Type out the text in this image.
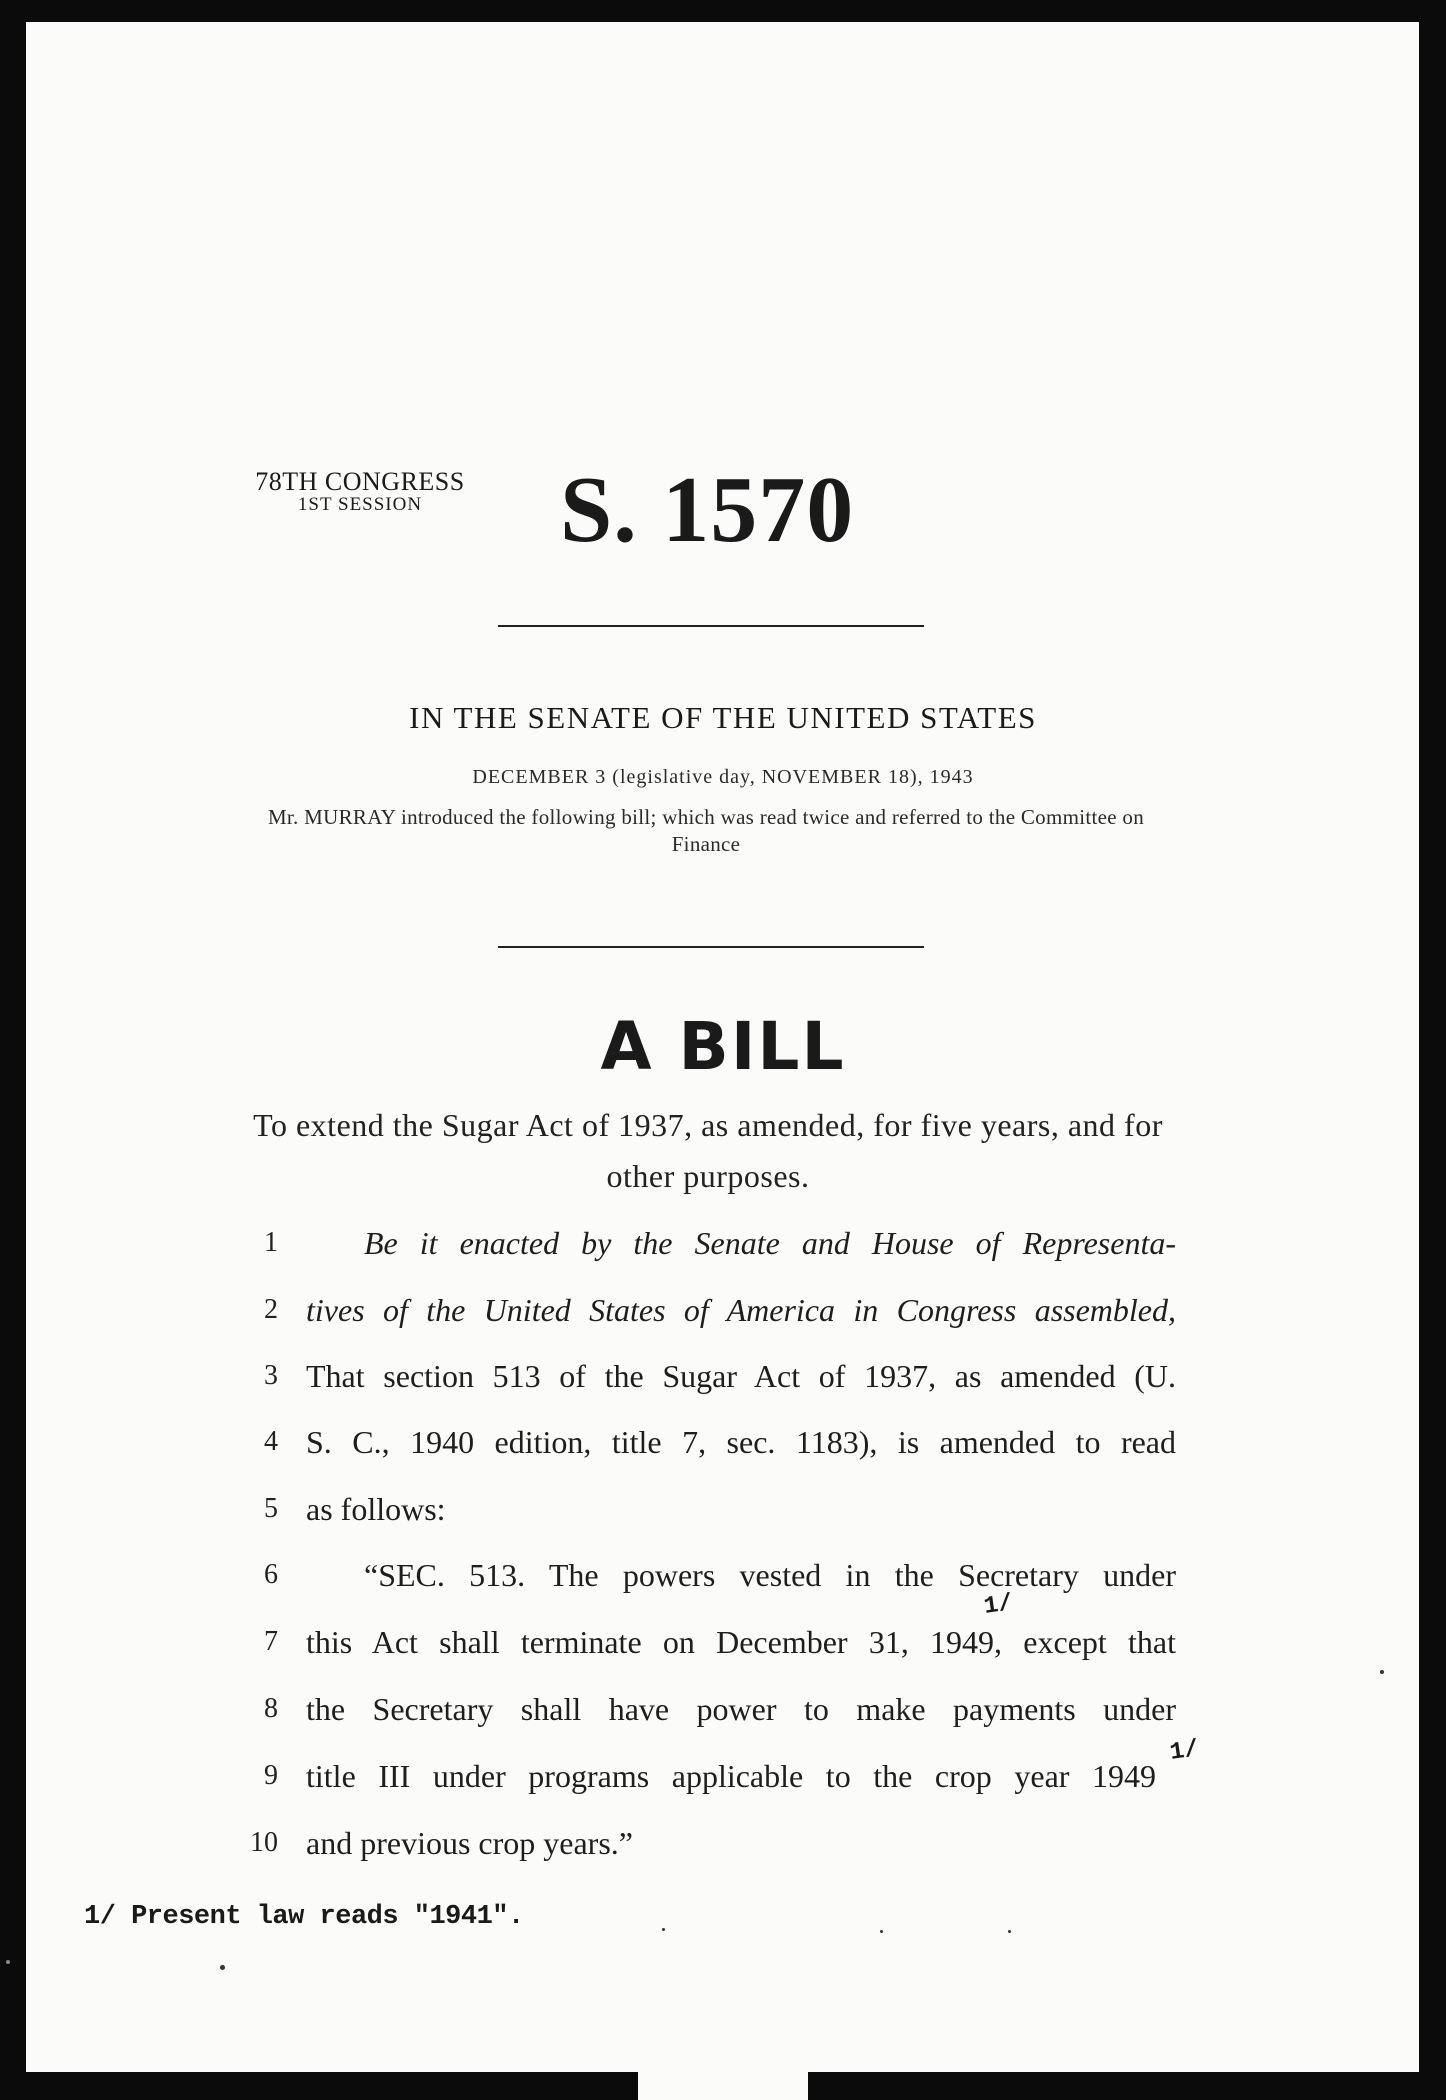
78TH CONGRESS
1ST SESSION	S. 1570
IN THE SENATE OF THE UNITED STATES
DECEMBER 3 (legislative day, NOVEMBER 18), 1943
Mr. MURRAY introduced the following bill; which was read twice and referred to the Committee on Finance
A BILL
To extend the Sugar Act of 1937, as amended, for five years, and for other purposes.
1	Be it enacted by the Senate and House of Representa-
2 tives of the United States of America in Congress assembled,
3 That section 513 of the Sugar Act of 1937, as amended (U.
4 S. C., 1940 edition, title 7, sec. 1183), is amended to read
5 as follows:
6	“SEC. 513. The powers vested in the Secretary under
7 this Act shall terminate on December 31, 1949, except that
8 the Secretary shall have power to make payments under
9 title III under programs applicable to the crop year 1949
10 and previous crop years.”
1/
1/
1/ Present law reads "1941".
